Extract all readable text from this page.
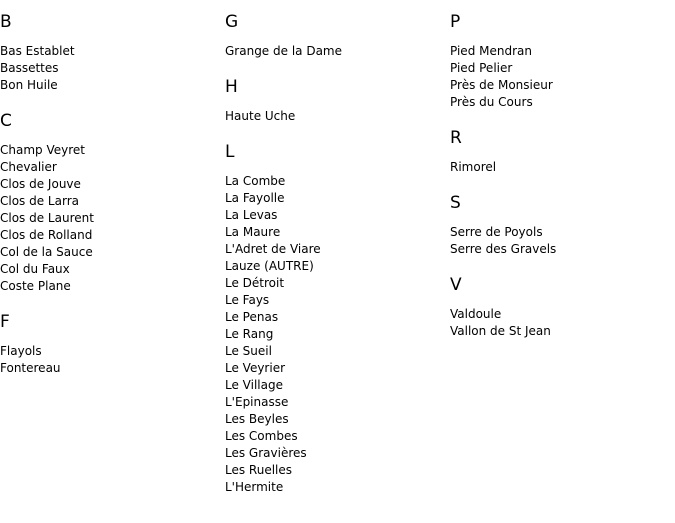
B
Bas Establet
Bassettes
Bon Huile
C
Champ Veyret
Chevalier
Clos de Jouve
Clos de Larra
Clos de Laurent
Clos de Rolland
Col de la Sauce
Col du Faux
Coste Plane
F
Flayols
Fontereau
G
Grange de la Dame
H
Haute Uche
L
La Combe
La Fayolle
La Levas
La Maure
L'Adret de Viare
Lauze (AUTRE)
Le Détroit
Le Fays
Le Penas
Le Rang
Le Sueil
Le Veyrier
Le Village
L'Epinasse
Les Beyles
Les Combes
Les Gravières
Les Ruelles
L'Hermite
P
Pied Mendran
Pied Pelier
Près de Monsieur
Près du Cours
R
Rimorel
S
Serre de Poyols
Serre des Gravels
V
Valdoule
Vallon de St Jean
